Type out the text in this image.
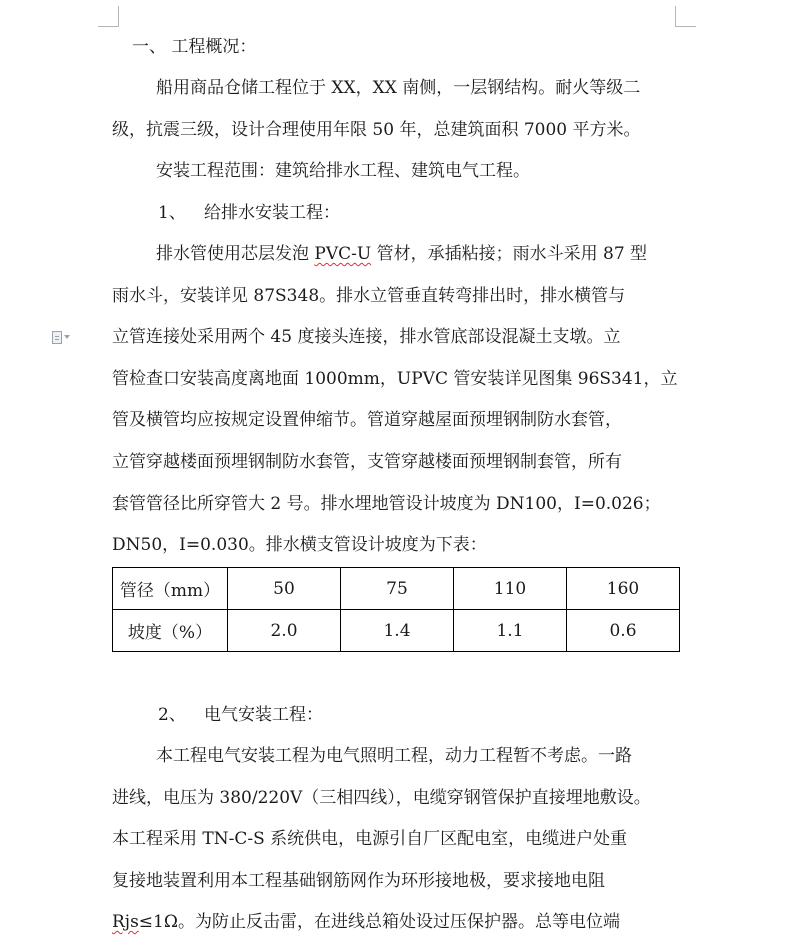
一、 工程概况：
船用商品仓储工程位于 XX，XX 南侧，一层钢结构。耐火等级二
级，抗震三级，设计合理使用年限 50 年，总建筑面积 7000 平方米。
安装工程范围：建筑给排水工程、建筑电气工程。
1、 给排水安装工程：
排水管使用芯层发泡 PVC-U 管材，承插粘接；雨水斗采用 87 型
雨水斗，安装详见 87S348。排水立管垂直转弯排出时，排水横管与
立管连接处采用两个 45 度接头连接，排水管底部设混凝土支墩。立
管检查口安装高度离地面 1000mm，UPVC 管安装详见图集 96S341，立
管及横管均应按规定设置伸缩节。管道穿越屋面预埋钢制防水套管，
立管穿越楼面预埋钢制防水套管，支管穿越楼面预埋钢制套管，所有
套管管径比所穿管大 2 号。排水埋地管设计坡度为 DN100，I=0.026；
DN50，I=0.030。排水横支管设计坡度为下表：
管径（mm）	50	75	110	160
坡度（%）	2.0	1.4	1.1	0.6
2、 电气安装工程：
本工程电气安装工程为电气照明工程，动力工程暂不考虑。一路
进线，电压为 380/220V（三相四线），电缆穿钢管保护直接埋地敷设。
本工程采用 TN-C-S 系统供电，电源引自厂区配电室，电缆进户处重
复接地装置利用本工程基础钢筋网作为环形接地极，要求接地电阻
Rjs≤1Ω。为防止反击雷，在进线总箱处设过压保护器。总等电位端
